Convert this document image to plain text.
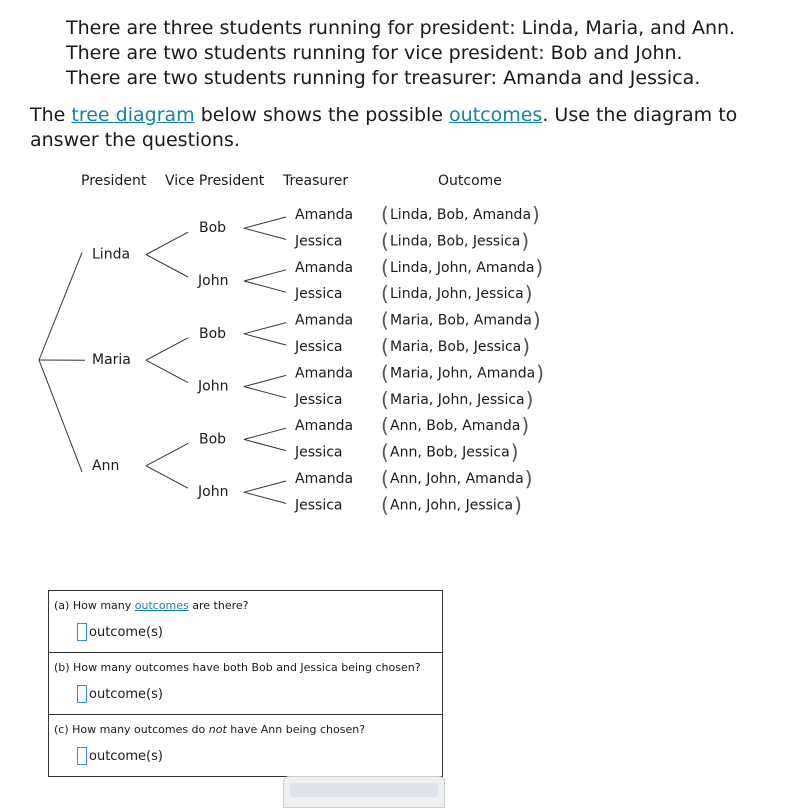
There are three students running for president: Linda, Maria, and Ann.
There are two students running for vice president: Bob and John.
There are two students running for treasurer: Amanda and Jessica.
The tree diagram below shows the possible outcomes. Use the diagram to answer the questions.
President Vice President Treasurer	Outcome
Linda
Bob
Amanda ( Linda, Bob, Amanda )
Jessica ( Linda, Bob, Jessica )
John
Amanda ( Linda, John, Amanda )
Jessica ( Linda, John, Jessica )
Maria
Bob
Amanda ( Maria, Bob, Amanda )
Jessica ( Maria, Bob, Jessica )
John
Amanda ( Maria, John, Amanda )
Jessica ( Maria, John, Jessica )
Ann
Bob
Amanda ( Ann, Bob, Amanda )
Jessica ( Ann, Bob, Jessica )
John
Amanda ( Ann, John, Amanda )
Jessica ( Ann, John, Jessica )
(a) How many outcomes are there?
outcome(s)
(b) How many outcomes have both Bob and Jessica being chosen?
outcome(s)
(c) How many outcomes do not have Ann being chosen?
outcome(s)
